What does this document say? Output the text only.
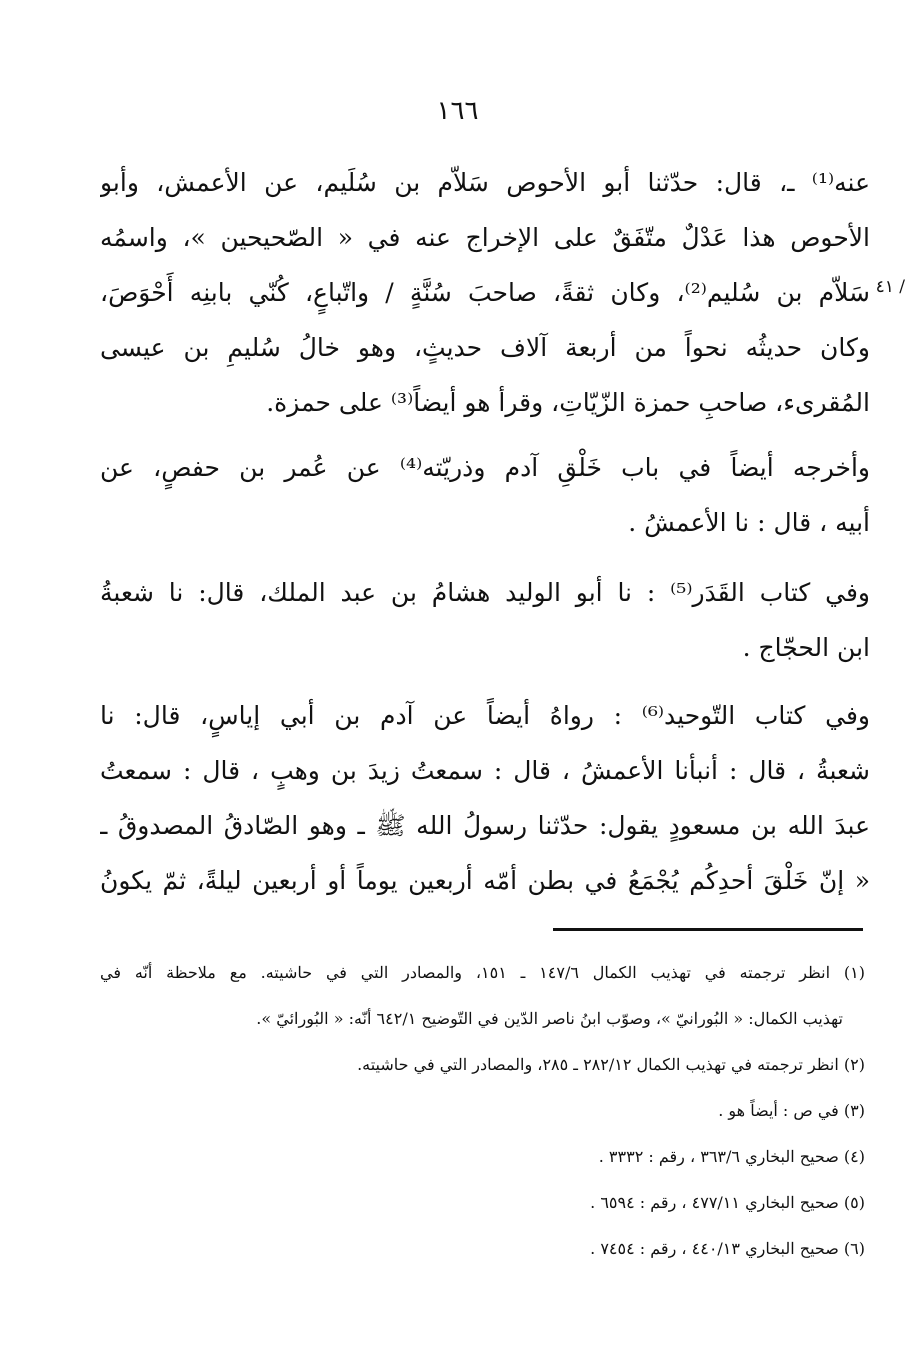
١٦٦
/ ٤١
عنه⁽¹⁾ ـ، قال: حدّثنا أبو الأحوص سَلاّم بن سُلَيم، عن الأعمش، وأبو
الأحوص هذا عَدْلٌ متّفَقٌ على الإخراج عنه في « الصّحيحين »، واسمُه
سَلاّم بن سُليم⁽²⁾، وكان ثقةً، صاحبَ سُنَّةٍ / واتّباعٍ، كُنّي بابنِه أَحْوَصَ،
وكان حديثُه نحواً من أربعة آلاف حديثٍ، وهو خالُ سُليمِ بن عيسى
المُقرىء، صاحبِ حمزة الزّيّاتِ، وقرأ هو أيضاً⁽³⁾ على حمزة.
وأخرجه أيضاً في باب خَلْقِ آدم وذريّته⁽⁴⁾ عن عُمر بن حفصٍ، عن
أبيه ، قال : نا الأعمشُ .
وفي كتاب القَدَر⁽⁵⁾ : نا أبو الوليد هشامُ بن عبد الملك، قال: نا شعبةُ
ابن الحجّاج .
وفي كتاب التّوحيد⁽⁶⁾ : رواهُ أيضاً عن آدم بن أبي إياسٍ، قال: نا
شعبةُ ، قال : أنبأنا الأعمشُ ، قال : سمعتُ زيدَ بن وهبٍ ، قال : سمعتُ
عبدَ الله بن مسعودٍ يقول: حدّثنا رسولُ الله ﷺ ـ وهو الصّادقُ المصدوقُ ـ
« إنّ خَلْقَ أحدِكُم يُجْمَعُ في بطن أمّه أربعين يوماً أو أربعين ليلةً، ثمّ يكونُ
(١) انظر ترجمته في تهذيب الكمال ١٤٧/٦ ـ ١٥١، والمصادر التي في حاشيته. مع ملاحظة أنّه في
تهذيب الكمال: « البُورانيّ »، وصوّب ابنُ ناصر الدّين في التّوضيح ٦٤٢/١ أنّه: « البُورائيّ ».
(٢) انظر ترجمته في تهذيب الكمال ٢٨٢/١٢ ـ ٢٨٥، والمصادر التي في حاشيته.
(٣) في ص : أيضاً هو .
(٤) صحيح البخاري ٣٦٣/٦ ، رقم : ٣٣٣٢ .
(٥) صحيح البخاري ٤٧٧/١١ ، رقم : ٦٥٩٤ .
(٦) صحيح البخاري ٤٤٠/١٣ ، رقم : ٧٤٥٤ .
